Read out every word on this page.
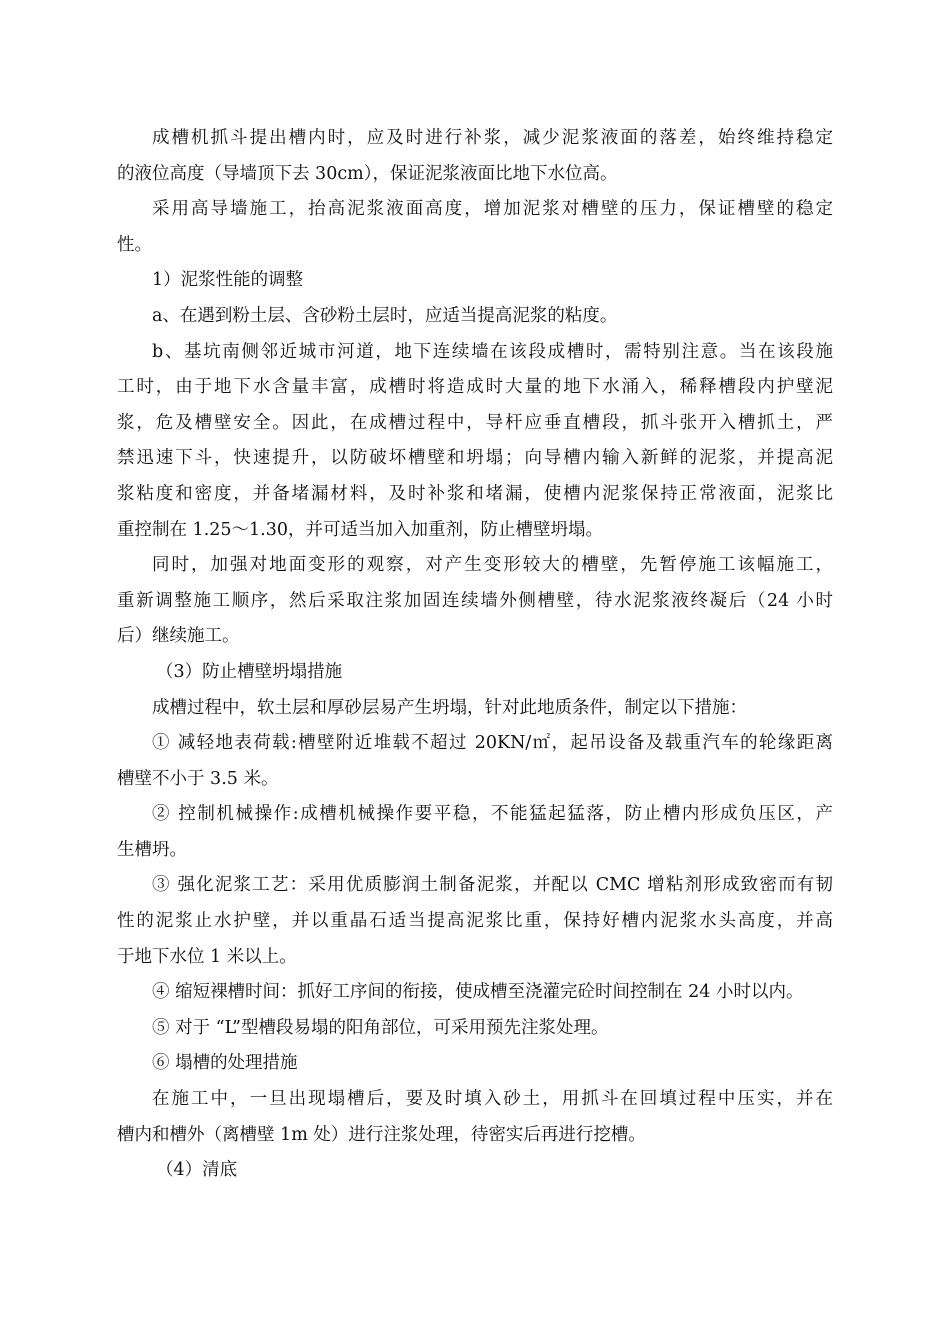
成槽机抓斗提出槽内时，应及时进行补浆，减少泥浆液面的落差，始终维持稳定
的液位高度（导墙顶下去 30cm），保证泥浆液面比地下水位高。
采用高导墙施工，抬高泥浆液面高度，增加泥浆对槽壁的压力，保证槽壁的稳定
性。
1）泥浆性能的调整
a、在遇到粉土层、含砂粉土层时，应适当提高泥浆的粘度。
b、基坑南侧邻近城市河道，地下连续墙在该段成槽时，需特别注意。当在该段施
工时，由于地下水含量丰富，成槽时将造成时大量的地下水涌入，稀释槽段内护壁泥
浆，危及槽壁安全。因此，在成槽过程中，导杆应垂直槽段，抓斗张开入槽抓土，严
禁迅速下斗，快速提升，以防破坏槽壁和坍塌；向导槽内输入新鲜的泥浆，并提高泥
浆粘度和密度，并备堵漏材料，及时补浆和堵漏，使槽内泥浆保持正常液面，泥浆比
重控制在 1.25～1.30，并可适当加入加重剂，防止槽壁坍塌。
同时，加强对地面变形的观察，对产生变形较大的槽壁，先暂停施工该幅施工，
重新调整施工顺序，然后采取注浆加固连续墙外侧槽壁，待水泥浆液终凝后（24 小时
后）继续施工。
（3）防止槽壁坍塌措施
成槽过程中，软土层和厚砂层易产生坍塌，针对此地质条件，制定以下措施：
① 减轻地表荷载:槽壁附近堆载不超过 20KN/㎡，起吊设备及载重汽车的轮缘距离
槽壁不小于 3.5 米。
② 控制机械操作:成槽机械操作要平稳，不能猛起猛落，防止槽内形成负压区，产
生槽坍。
③ 强化泥浆工艺：采用优质膨润土制备泥浆，并配以 CMC 增粘剂形成致密而有韧
性的泥浆止水护壁，并以重晶石适当提高泥浆比重，保持好槽内泥浆水头高度，并高
于地下水位 1 米以上。
④ 缩短裸槽时间：抓好工序间的衔接，使成槽至浇灌完砼时间控制在 24 小时以内。
⑤ 对于 “L”型槽段易塌的阳角部位，可采用预先注浆处理。
⑥ 塌槽的处理措施
在施工中，一旦出现塌槽后，要及时填入砂土，用抓斗在回填过程中压实，并在
槽内和槽外（离槽壁 1m 处）进行注浆处理，待密实后再进行挖槽。
（4）清底
